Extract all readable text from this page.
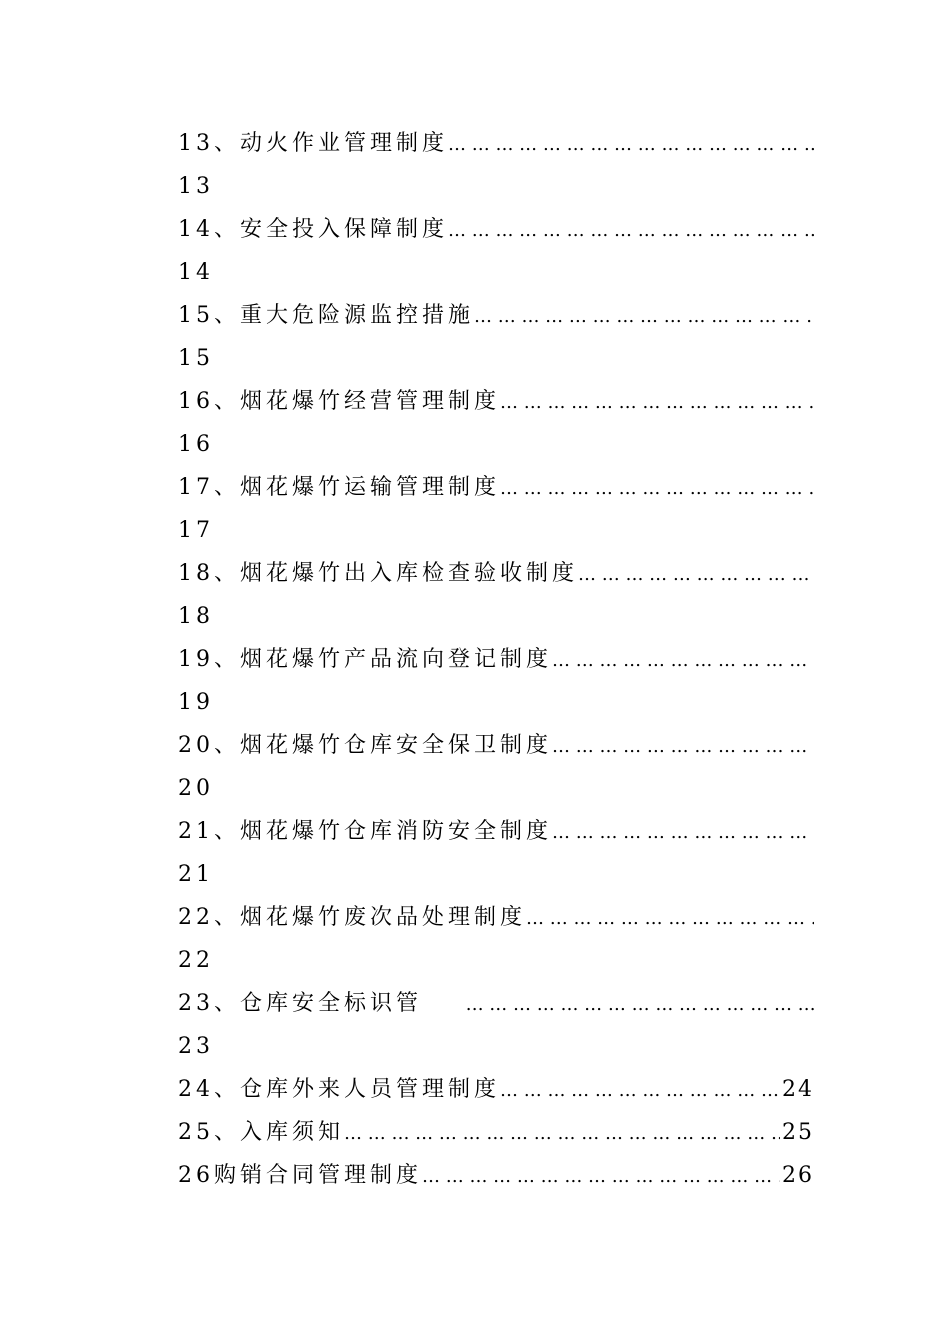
13、动火作业管理制度
… … … … … … … … … … … … … … … … … … … … … … … … … … … … … … … … … … … … … …
13
14、安全投入保障制度
… … … … … … … … … … … … … … … … … … … … … … … … … … … … … … … … … … … … … …
14
15、重大危险源监控措施
… … … … … … … … … … … … … … … … … … … … … … … … … … … … … … … … … … … … … …
15
16、烟花爆竹经营管理制度
… … … … … … … … … … … … … … … … … … … … … … … … … … … … … … … … … … … … … …
16
17、烟花爆竹运输管理制度
… … … … … … … … … … … … … … … … … … … … … … … … … … … … … … … … … … … … … …
17
18、烟花爆竹出入库检查验收制度
… … … … … … … … … … … … … … … … … … … … … … … … … … … … … … … … … … … … … …
18
19、烟花爆竹产品流向登记制度
… … … … … … … … … … … … … … … … … … … … … … … … … … … … … … … … … … … … … …
19
20、烟花爆竹仓库安全保卫制度
… … … … … … … … … … … … … … … … … … … … … … … … … … … … … … … … … … … … … …
20
21、烟花爆竹仓库消防安全制度
… … … … … … … … … … … … … … … … … … … … … … … … … … … … … … … … … … … … … …
21
22、烟花爆竹废次品处理制度
… … … … … … … … … … … … … … … … … … … … … … … … … … … … … … … … … … … … … …
22
23、仓库安全标识管
… … … … … … … … … … … … … … … … … … … … … … … … … … … … … … … … … … … … … …
23
24、仓库外来人员管理制度 … … … … … … … … … … … … … … … … … … … … … … … … … … … … … … … … … … … … … …	24
25、入库须知 … … … … … … … … … … … … … … … … … … … … … … … … … … … … … … … … … … … … … …	25
26购销合同管理制度 … … … … … … … … … … … … … … … … … … … … … … … … … … … … … … … … … … … … … …	26
